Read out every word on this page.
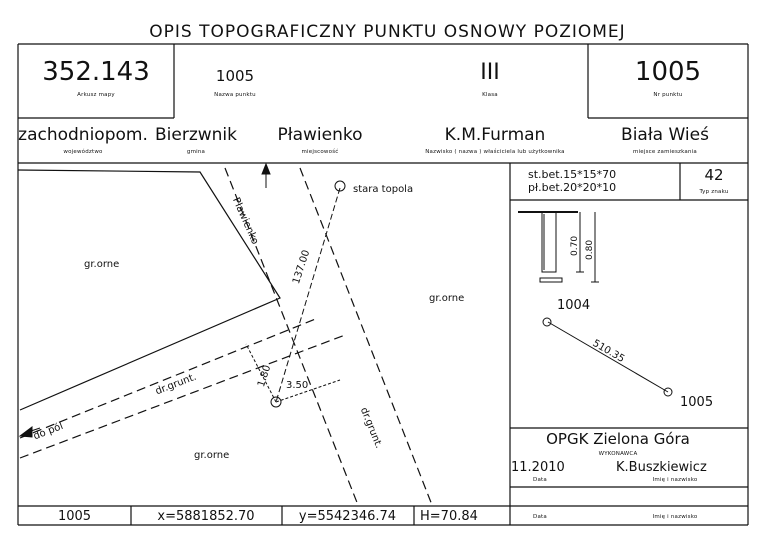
OPIS TOPOGRAFICZNY PUNKTU OSNOWY POZIOMEJ
352.143
Arkusz mapy
1005
Nazwa punktu
III
Klasa
1005
Nr punktu
zachodniopom.
województwo
Bierzwnik
gmina
Pławienko
miejscowość
K.M.Furman
Nazwisko ( nazwa ) właściciela lub użytkownika
Biała Wieś
miejsce zamieszkania
Pławienko
stara topola
gr.orne
gr.orne
gr.orne
dr.grunt.
dr.grunt.
do pól
137.00
1.80 3.50
st.bet.15*15*70
pł.bet.20*20*10
42
Typ znaku
0.70 0.80
1004
1005
510.35
OPGK Zielona Góra
WYKONAWCA
11.2010
Data
K.Buszkiewicz
Imię i nazwisko
1005	x=5881852.70	y=5542346.74	H=70.84	Data	Imię i nazwisko
